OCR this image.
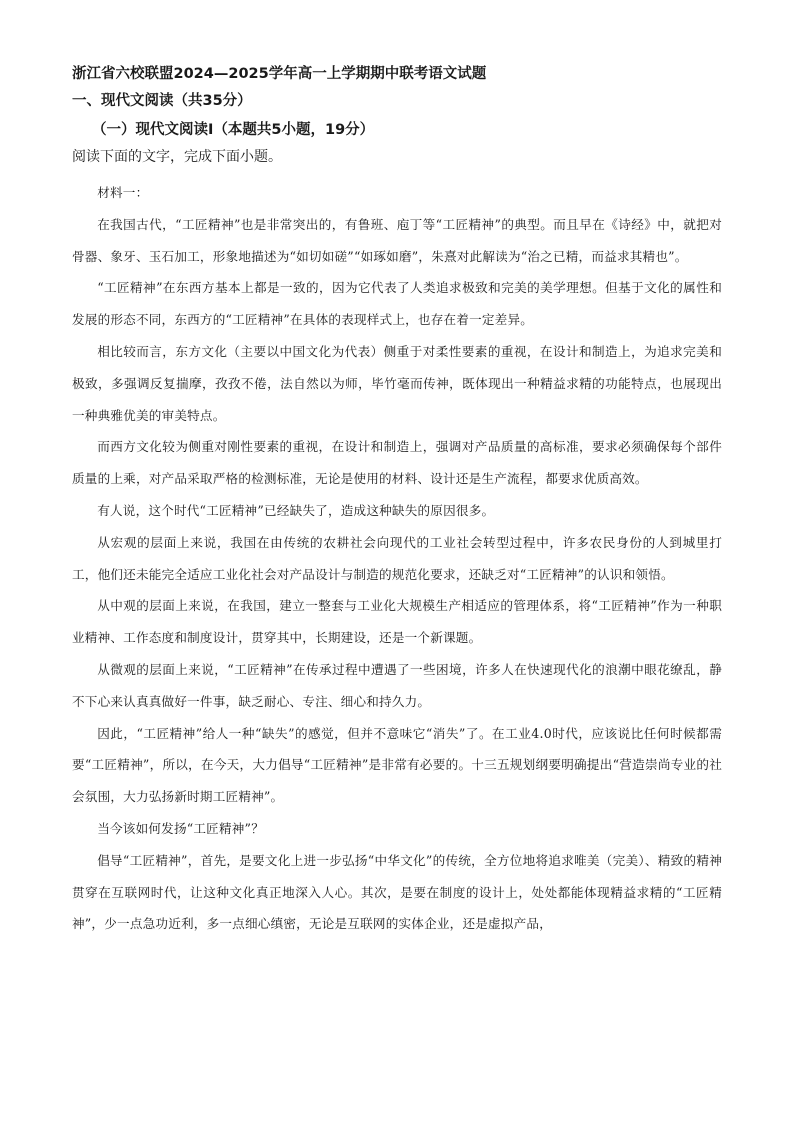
浙江省六校联盟2024—2025学年高一上学期期中联考语文试题
一、现代文阅读（共35分）
（一）现代文阅读Ⅰ（本题共5小题，19分）
阅读下面的文字，完成下面小题。

材料一：

在我国古代，“工匠精神”也是非常突出的，有鲁班、庖丁等“工匠精神”的典型。而且早在《诗经》中，就把对骨器、象牙、玉石加工，形象地描述为“如切如磋”“如琢如磨”，朱熹对此解读为“治之已精，而益求其精也”。

“工匠精神”在东西方基本上都是一致的，因为它代表了人类追求极致和完美的美学理想。但基于文化的属性和发展的形态不同，东西方的“工匠精神”在具体的表现样式上，也存在着一定差异。

相比较而言，东方文化（主要以中国文化为代表）侧重于对柔性要素的重视，在设计和制造上，为追求完美和极致，多强调反复揣摩，孜孜不倦，法自然以为师，毕竹毫而传神，既体现出一种精益求精的功能特点，也展现出一种典雅优美的审美特点。

而西方文化较为侧重对刚性要素的重视，在设计和制造上，强调对产品质量的高标准，要求必须确保每个部件质量的上乘，对产品采取严格的检测标准，无论是使用的材料、设计还是生产流程，都要求优质高效。

有人说，这个时代“工匠精神”已经缺失了，造成这种缺失的原因很多。

从宏观的层面上来说，我国在由传统的农耕社会向现代的工业社会转型过程中，许多农民身份的人到城里打工，他们还未能完全适应工业化社会对产品设计与制造的规范化要求，还缺乏对“工匠精神”的认识和领悟。

从中观的层面上来说，在我国，建立一整套与工业化大规模生产相适应的管理体系，将“工匠精神”作为一种职业精神、工作态度和制度设计，贯穿其中，长期建设，还是一个新课题。

从微观的层面上来说，“工匠精神”在传承过程中遭遇了一些困境，许多人在快速现代化的浪潮中眼花缭乱，静不下心来认真真做好一件事，缺乏耐心、专注、细心和持久力。

因此，“工匠精神”给人一种“缺失”的感觉，但并不意味它“消失”了。在工业4.0时代，应该说比任何时候都需要“工匠精神”，所以，在今天，大力倡导“工匠精神”是非常有必要的。十三五规划纲要明确提出“营造崇尚专业的社会氛围，大力弘扬新时期工匠精神”。

当今该如何发扬“工匠精神”？

倡导“工匠精神”，首先，是要文化上进一步弘扬“中华文化”的传统，全方位地将追求唯美（完美）、精致的精神贯穿在互联网时代，让这种文化真正地深入人心。其次，是要在制度的设计上，处处都能体现精益求精的“工匠精神”，少一点急功近利，多一点细心缜密，无论是互联网的实体企业，还是虚拟产品，
